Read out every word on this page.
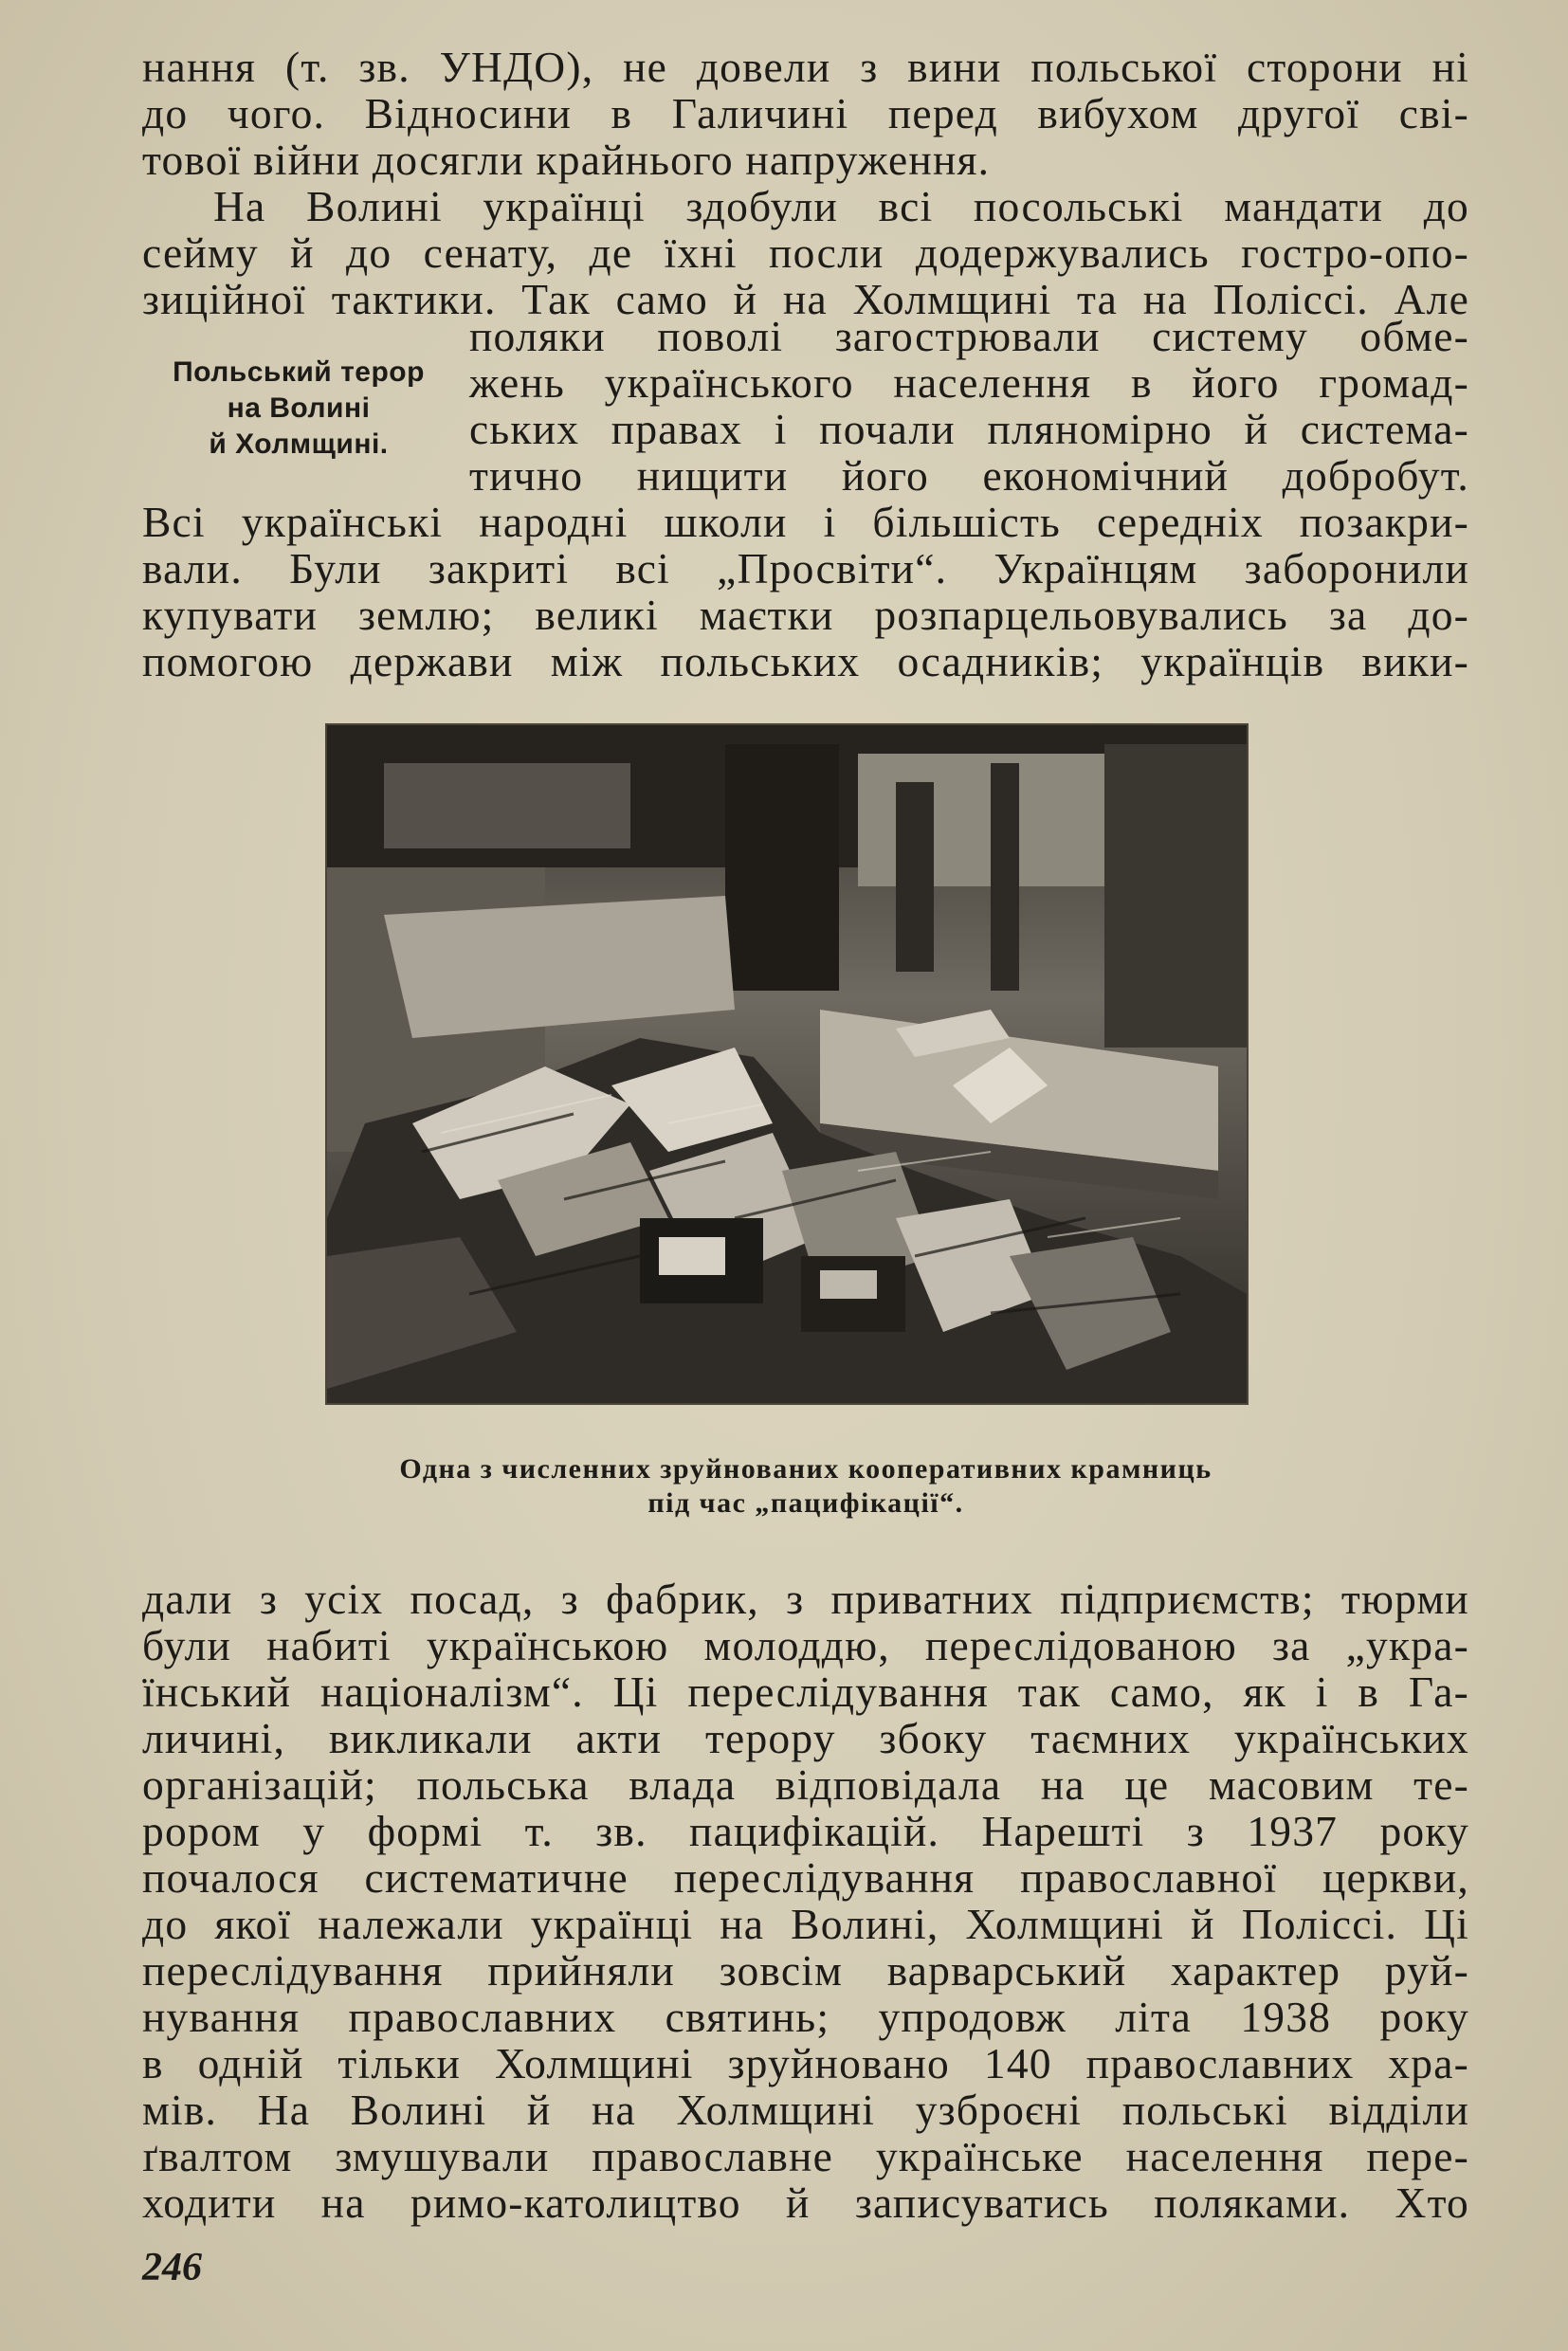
нання (т. зв. УНДО), не довели з вини польської сторони ні
до чого. Відносини в Галичині перед вибухом другої сві-
тової війни досягли крайнього напруження.
На Волині українці здобули всі посольські мандати до
сейму й до сенату, де їхні посли додержувались гостро-опо-
зиційної тактики. Так само й на Холмщині та на Поліссі. Але
Польський терор
на Волині
й Холмщині.
поляки поволі загострювали систему обме-
жень українського населення в його громад-
ських правах і почали пляномірно й система-
тично нищити його економічний добробут.
Всі українські народні школи і більшість середніх позакри-
вали. Були закриті всі „Просвіти“. Українцям заборонили
купувати землю; великі маєтки розпарцельовувались за до-
помогою держави між польських осадників; українців вики-
Одна з численних зруйнованих кооперативних крамниць
під час „пацифікації“.
дали з усіх посад, з фабрик, з приватних підприємств; тюрми
були набиті українською молоддю, переслідованою за „укра-
їнський націоналізм“. Ці переслідування так само, як і в Га-
личині, викликали акти терору збоку таємних українських
організацій; польська влада відповідала на це масовим те-
рором у формі т. зв. пацифікацій. Нарешті з 1937 року
почалося систематичне переслідування православної церкви,
до якої належали українці на Волині, Холмщині й Поліссі. Ці
переслідування прийняли зовсім варварський характер руй-
нування православних святинь; упродовж літа 1938 року
в одній тільки Холмщині зруйновано 140 православних хра-
мів. На Волині й на Холмщині узброєні польські відділи
ґвалтом змушували православне українське населення пере-
ходити на римо-католицтво й записуватись поляками. Хто
246
